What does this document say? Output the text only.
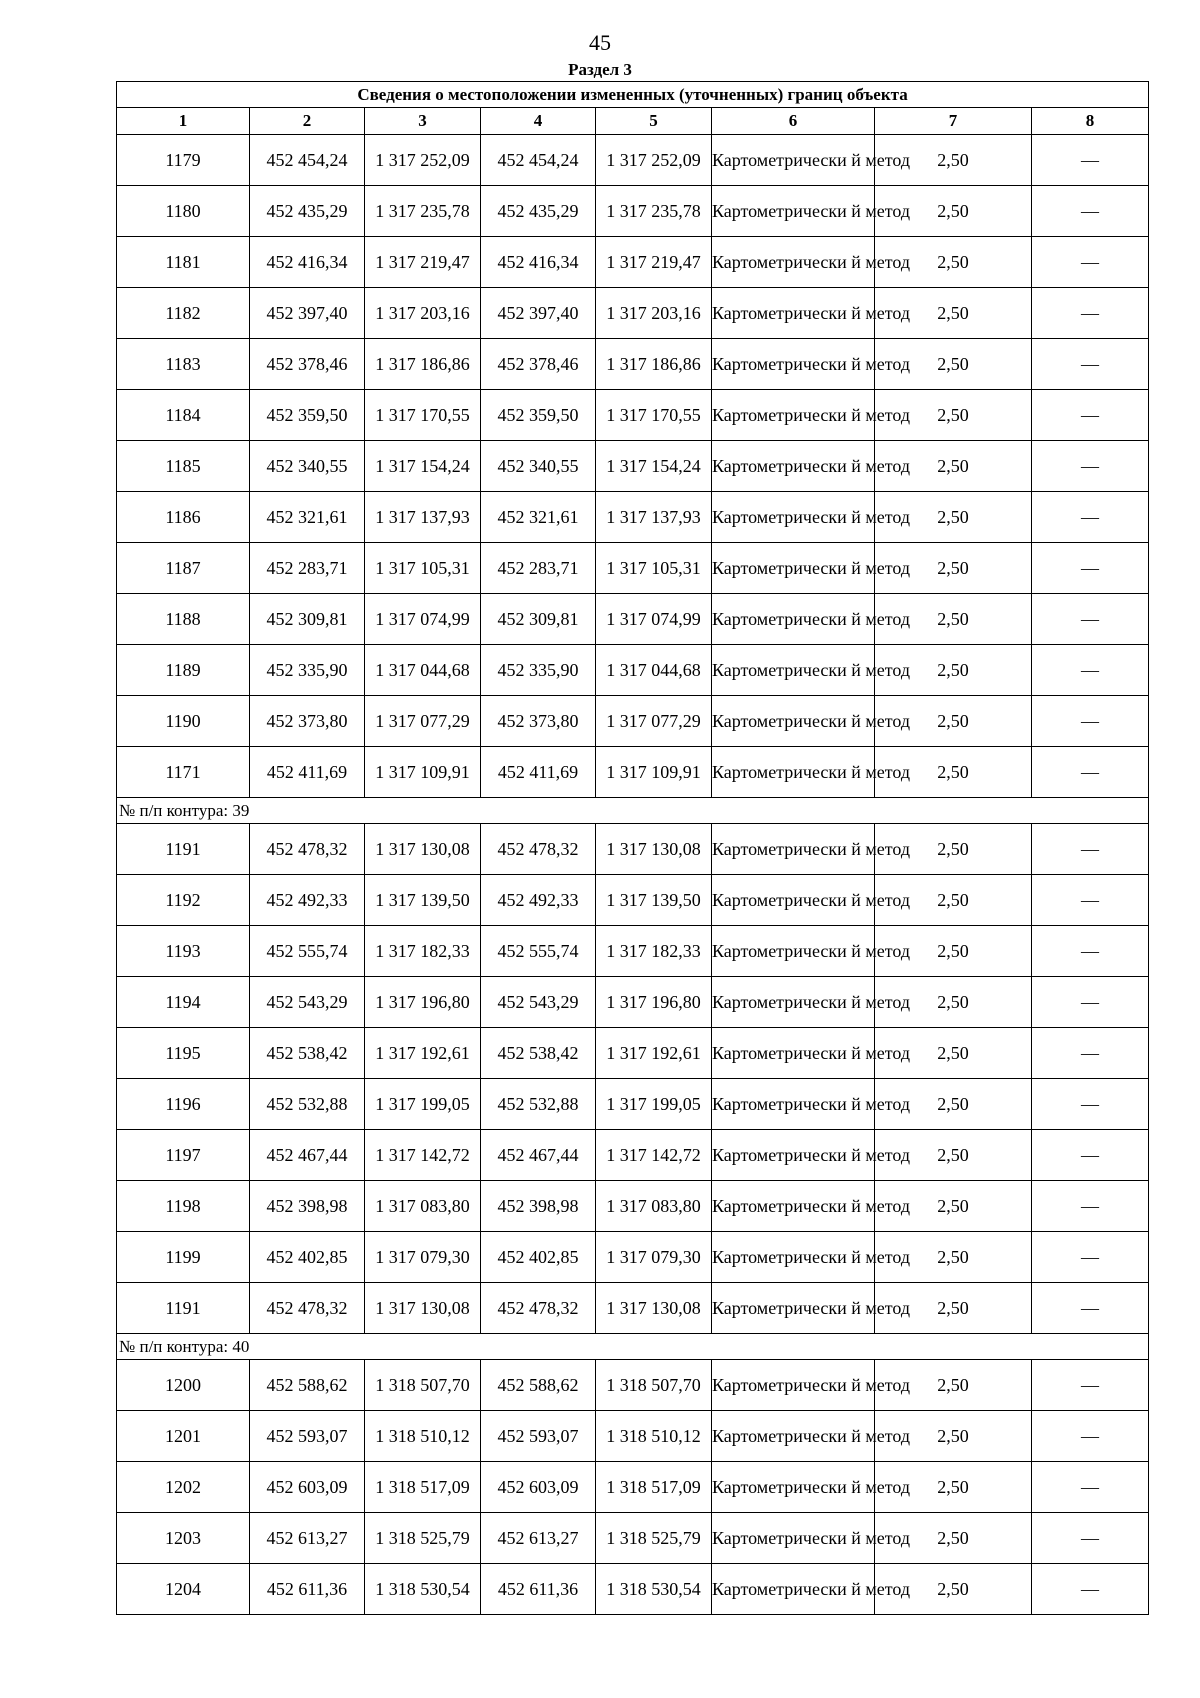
45
Раздел 3
Сведения о местоположении измененных (уточненных) границ объекта							
1	2	3	4	5	6	7	8
1179	452 454,24	1 317 252,09	452 454,24	1 317 252,09	Картометрически й метод	2,50	—
1180	452 435,29	1 317 235,78	452 435,29	1 317 235,78	Картометрически й метод	2,50	—
1181	452 416,34	1 317 219,47	452 416,34	1 317 219,47	Картометрически й метод	2,50	—
1182	452 397,40	1 317 203,16	452 397,40	1 317 203,16	Картометрически й метод	2,50	—
1183	452 378,46	1 317 186,86	452 378,46	1 317 186,86	Картометрически й метод	2,50	—
1184	452 359,50	1 317 170,55	452 359,50	1 317 170,55	Картометрически й метод	2,50	—
1185	452 340,55	1 317 154,24	452 340,55	1 317 154,24	Картометрически й метод	2,50	—
1186	452 321,61	1 317 137,93	452 321,61	1 317 137,93	Картометрически й метод	2,50	—
1187	452 283,71	1 317 105,31	452 283,71	1 317 105,31	Картометрически й метод	2,50	—
1188	452 309,81	1 317 074,99	452 309,81	1 317 074,99	Картометрически й метод	2,50	—
1189	452 335,90	1 317 044,68	452 335,90	1 317 044,68	Картометрически й метод	2,50	—
1190	452 373,80	1 317 077,29	452 373,80	1 317 077,29	Картометрически й метод	2,50	—
1171	452 411,69	1 317 109,91	452 411,69	1 317 109,91	Картометрически й метод	2,50	—
№ п/п контура: 39							
1191	452 478,32	1 317 130,08	452 478,32	1 317 130,08	Картометрически й метод	2,50	—
1192	452 492,33	1 317 139,50	452 492,33	1 317 139,50	Картометрически й метод	2,50	—
1193	452 555,74	1 317 182,33	452 555,74	1 317 182,33	Картометрически й метод	2,50	—
1194	452 543,29	1 317 196,80	452 543,29	1 317 196,80	Картометрически й метод	2,50	—
1195	452 538,42	1 317 192,61	452 538,42	1 317 192,61	Картометрически й метод	2,50	—
1196	452 532,88	1 317 199,05	452 532,88	1 317 199,05	Картометрически й метод	2,50	—
1197	452 467,44	1 317 142,72	452 467,44	1 317 142,72	Картометрически й метод	2,50	—
1198	452 398,98	1 317 083,80	452 398,98	1 317 083,80	Картометрически й метод	2,50	—
1199	452 402,85	1 317 079,30	452 402,85	1 317 079,30	Картометрически й метод	2,50	—
1191	452 478,32	1 317 130,08	452 478,32	1 317 130,08	Картометрически й метод	2,50	—
№ п/п контура: 40							
1200	452 588,62	1 318 507,70	452 588,62	1 318 507,70	Картометрически й метод	2,50	—
1201	452 593,07	1 318 510,12	452 593,07	1 318 510,12	Картометрически й метод	2,50	—
1202	452 603,09	1 318 517,09	452 603,09	1 318 517,09	Картометрически й метод	2,50	—
1203	452 613,27	1 318 525,79	452 613,27	1 318 525,79	Картометрически й метод	2,50	—
1204	452 611,36	1 318 530,54	452 611,36	1 318 530,54	Картометрически й метод	2,50	—
